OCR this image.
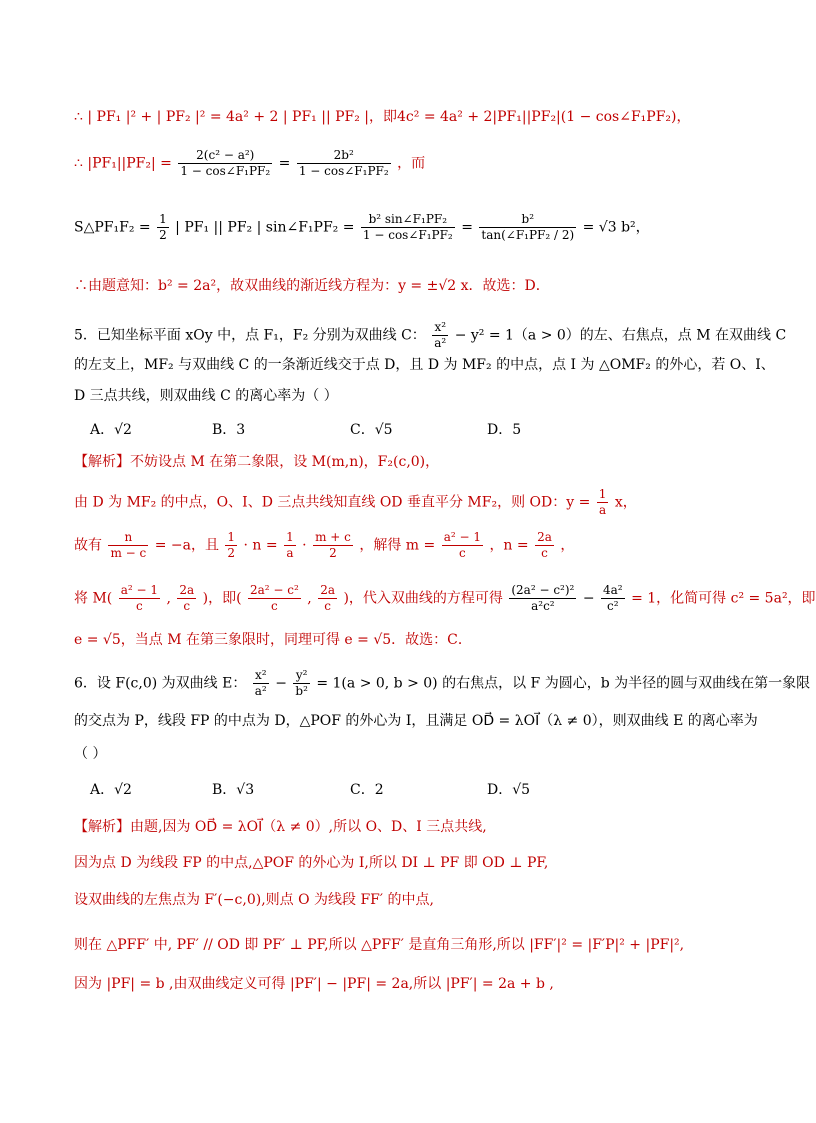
∴ | PF₁ |² + | PF₂ |² = 4a² + 2 | PF₁ || PF₂ |，即4c² = 4a² + 2|PF₁||PF₂|(1 − cos∠F₁PF₂)，
∴ $|PF_1||PF_2| = \frac{\text{2(c² − a²)}}{\text{1 − cos∠F₁PF₂}} = \frac{\text{2b²}}{\text{1 − cos∠F₁PF₂}}$ ，而
S△PF₁F₂ = $\frac{1}{2}$ | PF₁ || PF₂ | sin∠F₁PF₂ = $\frac{\text{b² sin∠F₁PF₂}}{\text{1 − cos∠F₁PF₂}} = \frac{\text{b²}}{\text{tan(∠F₁PF₂ / 2)}} = √3$ b²，
∴由题意知：b² = 2a²，故双曲线的渐近线方程为：y = ±√2 x．故选：D．
5．已知坐标平面 xOy 中，点 F₁，F₂ 分别为双曲线 C： $\frac{\text{x²}}{\text{a²}} - y^2 = 1(a > 0)$的左、右焦点，点 M 在双曲线 C
的左支上，MF₂ 与双曲线 C 的一条渐近线交于点 D，且 D 为 MF₂ 的中点，点 I 为 △OMF₂ 的外心，若 O、I、
D 三点共线，则双曲线 C 的离心率为（ ）
A．√2	B．3	C．√5	D．5
【解析】不妨设点 M 在第二象限，设 M(m,n)，F₂(c,0)，
由 D 为 MF₂ 的中点，O、I、D 三点共线知直线 OD 垂直平分 MF₂，则 OD：$y = \frac{1}{a}$ x，
故有 $\frac{n}{m - c} = -a$，且 $\frac{1}{2} \cdot n = \frac{1}{a} \cdot \frac{m + c}{2}$ ，解得 $m = \frac{\text{a² − 1}}{c}$ ，$n = \frac{2a}{c}$ ，
将 $M( \frac{\text{a² − 1}}{c}$ , $\frac{2a}{c}$ )，即( $\frac{\text{2a² − c²}}{c}$ , $\frac{2a}{c}$ )，代入双曲线的方程可得 $\frac{\text{(2a² − c²)²}}{\text{a²c²}} - \frac{\text{4a²}}{\text{c²}} = 1$，化简可得 c² = 5a²，即
e = √5，当点 M 在第三象限时，同理可得 e = √5．故选：C．
6．设 F(c,0) 为双曲线 E： $\frac{\text{x²}}{\text{a²}} - \frac{\text{y²}}{\text{b²}} = 1(a > 0$, b > 0) 的右焦点，以 F 为圆心，b 为半径的圆与双曲线在第一象限
的交点为 P，线段 FP 的中点为 D，△POF 的外心为 I，且满足 OD⃗ = λOI⃗（λ ≠ 0），则双曲线 E 的离心率为
（ ）
A．√2	B．√3	C．2	D．√5
【解析】由题,因为 OD⃗ = λOI⃗（λ ≠ 0）,所以 O、D、I 三点共线,
因为点 D 为线段 FP 的中点,△POF 的外心为 I,所以 DI ⊥ PF 即 OD ⊥ PF,
设双曲线的左焦点为 F′(−c,0),则点 O 为线段 FF′ 的中点,
则在 △PFF′ 中, PF′ // OD 即 PF′ ⊥ PF,所以 △PFF′ 是直角三角形,所以 |FF′|² = |F′P|² + |PF|²,
因为 |PF| = b ,由双曲线定义可得 |PF′| − |PF| = 2a,所以 |PF′| = 2a + b ,
